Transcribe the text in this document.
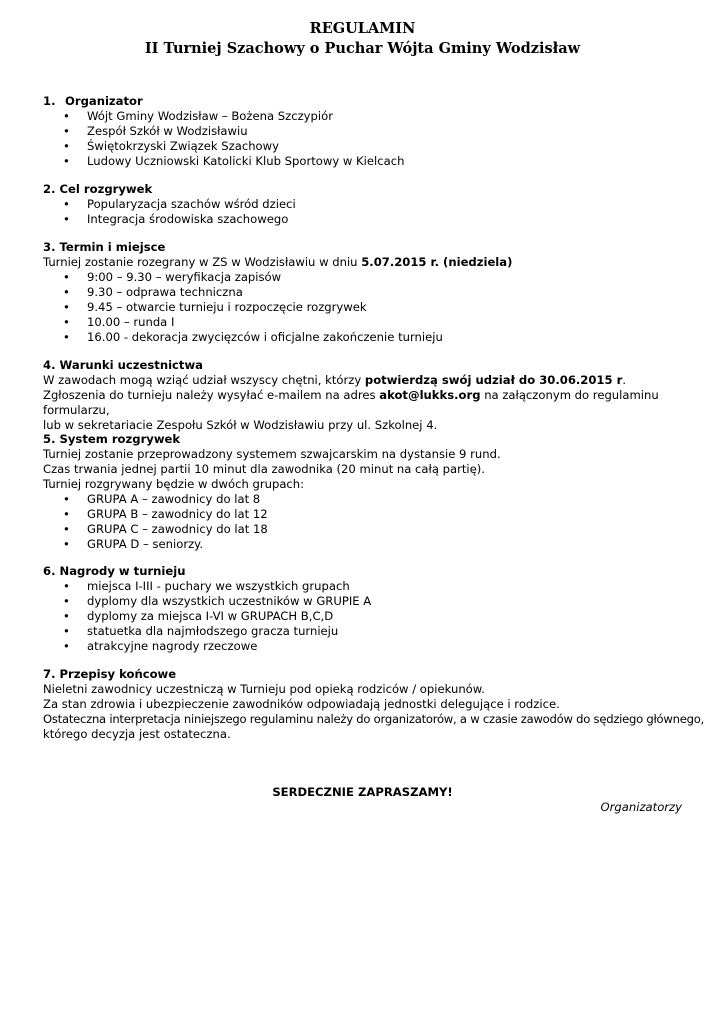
REGULAMIN
II Turniej Szachowy o Puchar Wójta Gminy Wodzisław
1. Organizator
• Wójt Gminy Wodzisław – Bożena Szczypiór
• Zespół Szkół w Wodzisławiu
• Świętokrzyski Związek Szachowy
• Ludowy Uczniowski Katolicki Klub Sportowy w Kielcach
2. Cel rozgrywek
• Popularyzacja szachów wśród dzieci
• Integracja środowiska szachowego
3. Termin i miejsce

Turniej zostanie rozegrany w ZS w Wodzisławiu w dniu 5.07.2015 r. (niedziela)

• 9:00 – 9.30 – weryfikacja zapisów
• 9.30 – odprawa techniczna
• 9.45 – otwarcie turnieju i rozpoczęcie rozgrywek
• 10.00 – runda I
• 16.00 - dekoracja zwycięzców i oficjalne zakończenie turnieju
4. Warunki uczestnictwa

W zawodach mogą wziąć udział wszyscy chętni, którzy potwierdzą swój udział do 30.06.2015 r.

Zgłoszenia do turnieju należy wysyłać e-mailem na adres akot@lukks.org na załączonym do regulaminu formularzu,

lub w sekretariacie Zespołu Szkół w Wodzisławiu przy ul. Szkolnej 4.

5. System rozgrywek

Turniej zostanie przeprowadzony systemem szwajcarskim na dystansie 9 rund.

Czas trwania jednej partii 10 minut dla zawodnika (20 minut na całą partię).

Turniej rozgrywany będzie w dwóch grupach:

• GRUPA A – zawodnicy do lat 8
• GRUPA B – zawodnicy do lat 12
• GRUPA C – zawodnicy do lat 18
• GRUPA D – seniorzy.
6. Nagrody w turnieju
• miejsca I-III - puchary we wszystkich grupach
• dyplomy dla wszystkich uczestników w GRUPIE A
• dyplomy za miejsca I-VI w GRUPACH B,C,D
• statuetka dla najmłodszego gracza turnieju
• atrakcyjne nagrody rzeczowe
7. Przepisy końcowe

Nieletni zawodnicy uczestniczą w Turnieju pod opieką rodziców / opiekunów.

Za stan zdrowia i ubezpieczenie zawodników odpowiadają jednostki delegujące i rodzice.

Ostateczna interpretacja niniejszego regulaminu należy do organizatorów, a w czasie zawodów do sędziego głównego,

którego decyzja jest ostateczna.

SERDECZNIE ZAPRASZAMY!
Organizatorzy
